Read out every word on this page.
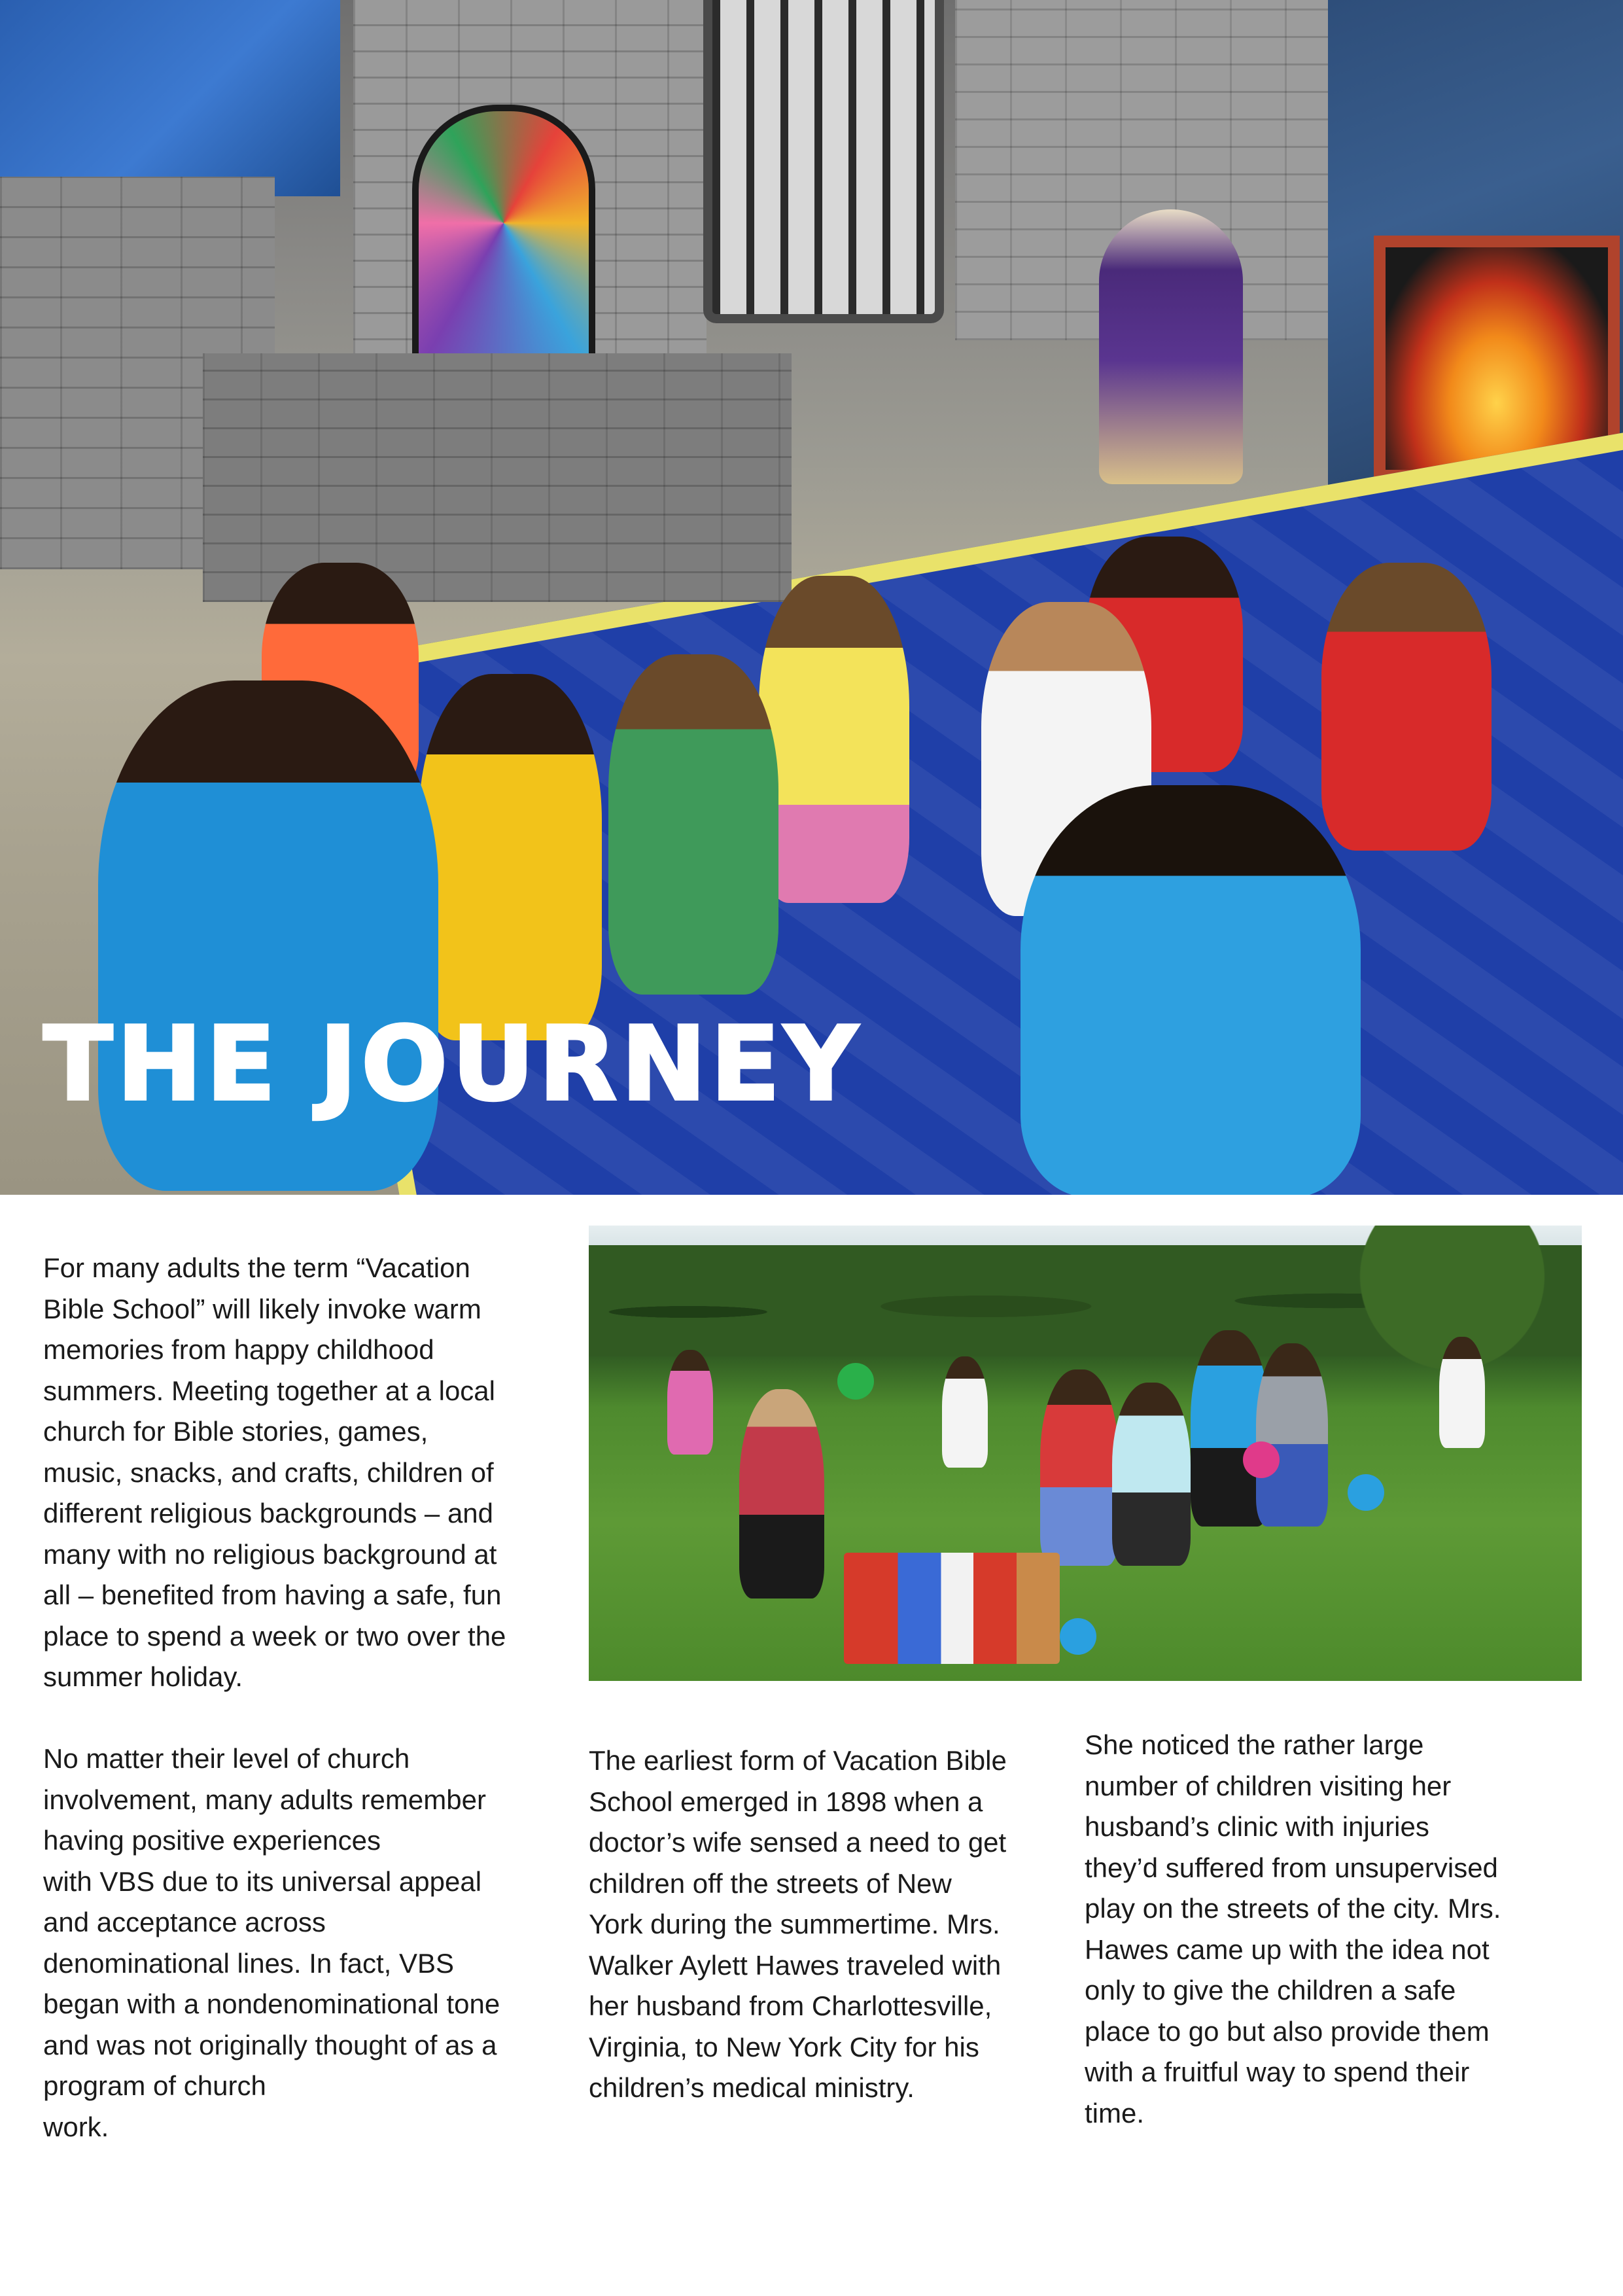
THE JOURNEY

For many adults the term “Vacation
Bible School” will likely invoke warm
memories from happy childhood
summers. Meeting together at a local
church for Bible stories, games,
music, snacks, and crafts, children of
different religious backgrounds – and
many with no religious background at
all – benefited from having a safe, fun
place to spend a week or two over the
summer holiday.

No matter their level of church
involvement, many adults remember
having positive experiences
with VBS due to its universal appeal
and acceptance across
denominational lines. In fact, VBS
began with a nondenominational tone
and was not originally thought of as a
program of church
work.

The earliest form of Vacation Bible
School emerged in 1898 when a
doctor’s wife sensed a need to get
children off the streets of New
York during the summertime. Mrs.
Walker Aylett Hawes traveled with
her husband from Charlottesville,
Virginia, to New York City for his
children’s medical ministry.

She noticed the rather large
number of children visiting her
husband’s clinic with injuries
they’d suffered from unsupervised
play on the streets of the city. Mrs.
Hawes came up with the idea not
only to give the children a safe
place to go but also provide them
with a fruitful way to spend their
time.
